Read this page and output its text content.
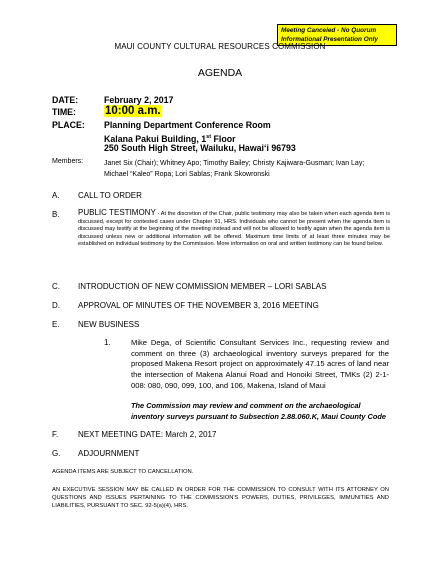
Meeting Canceled - No Quorum
Informational Presentation Only
MAUI COUNTY CULTURAL RESOURCES COMMISSION
AGENDA
DATE:	February 2, 2017
TIME:	10:00 a.m.
PLACE: Planning Department Conference Room
Kalana Pakui Building, 1st Floor
250 South High Street, Wailuku, Hawai‘i 96793
Members:	Janet Six (Chair); Whitney Apo; Timothy Bailey; Christy Kajiwara-Gusman; Ivan Lay; Michael “Kaleo” Ropa; Lori Sablas; Frank Skowronski
A. CALL TO ORDER
B. PUBLIC TESTIMONY - At the discretion of the Chair, public testimony may also be taken when each agenda item is discussed, except for contested cases under Chapter 91, HRS. Individuals who cannot be present when the agenda item is discussed may testify at the beginning of the meeting instead and will not be allowed to testify again when the agenda item is discussed unless new or additional information will be offered. Maximum time limits of at least three minutes may be established on individual testimony by the Commission. More information on oral and written testimony can be found below.
C. INTRODUCTION OF NEW COMMISSION MEMBER – LORI SABLAS
D. APPROVAL OF MINUTES OF THE NOVEMBER 3, 2016 MEETING
E. NEW BUSINESS
1.	Mike Dega, of Scientific Consultant Services Inc., requesting review and comment on three (3) archaeological inventory surveys prepared for the proposed Makena Resort project on approximately 47.15 acres of land near the intersection of Makena Alanui Road and Honoiki Street, TMKs (2) 2-1-008: 080, 090, 099, 100, and 106, Makena, Island of Maui
The Commission may review and comment on the archaeological inventory surveys pursuant to Subsection 2.88.060.K, Maui County Code
F. NEXT MEETING DATE: March 2, 2017
G. ADJOURNMENT
AGENDA ITEMS ARE SUBJECT TO CANCELLATION.
AN EXECUTIVE SESSION MAY BE CALLED IN ORDER FOR THE COMMISSION TO CONSULT WITH ITS ATTORNEY ON QUESTIONS AND ISSUES PERTAINING TO THE COMMISSION'S POWERS, DUTIES, PRIVILEGES, IMMUNITIES AND LIABILITIES, PURSUANT TO SEC. 92-5(a)(4), HRS.
